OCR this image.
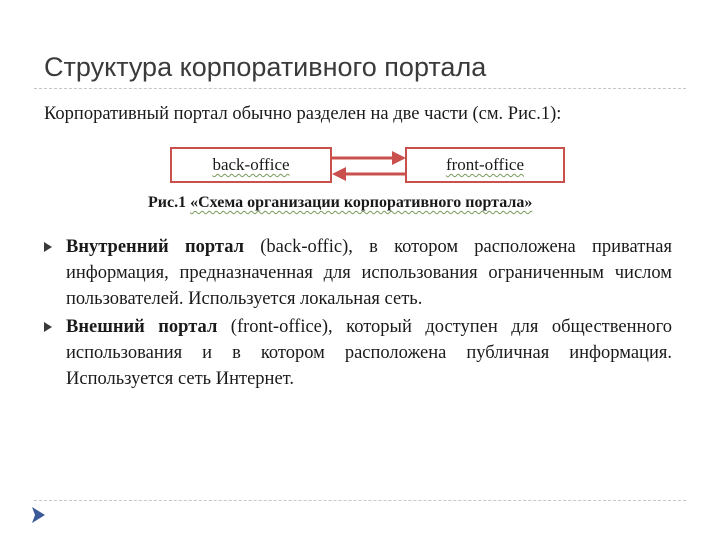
Структура корпоративного портала
Корпоративный портал обычно разделен на две части (см. Рис.1):
back-office	front-office
Рис.1 «Схема организации корпоративного портала»
Внутренний портал (back-offic), в котором расположена приватная информация, предназначенная для использования ограниченным числом пользователей. Используется локальная сеть.
Внешний портал (front-office), который доступен для общественного использования и в котором расположена публичная информация. Используется сеть Интернет.
